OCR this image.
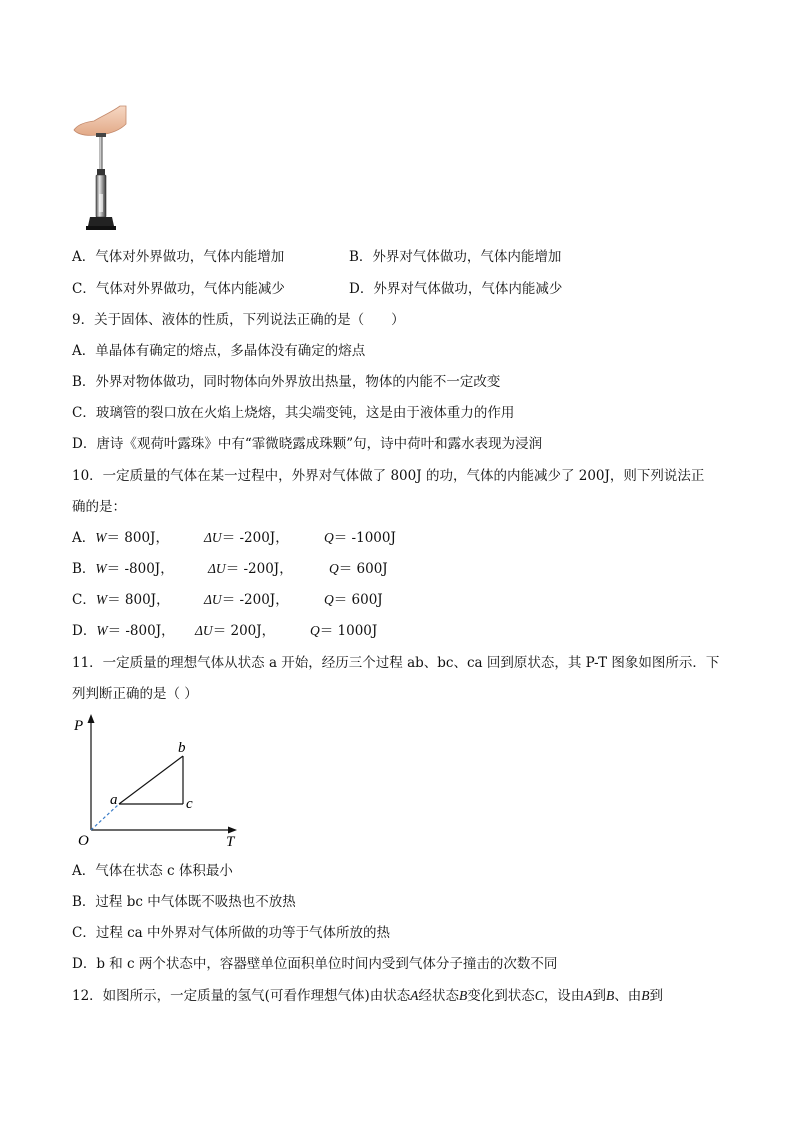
A．气体对外界做功，气体内能增加	B．外界对气体做功，气体内能增加
C．气体对外界做功，气体内能减少	D．外界对气体做功，气体内能减少
9．关于固体、液体的性质，下列说法正确的是（　　）
A．单晶体有确定的熔点，多晶体没有确定的熔点
B．外界对物体做功，同时物体向外界放出热量，物体的内能不一定改变
C．玻璃管的裂口放在火焰上烧熔，其尖端变钝，这是由于液体重力的作用
D．唐诗《观荷叶露珠》中有“霏微晓露成珠颗”句，诗中荷叶和露水表现为浸润
10．一定质量的气体在某一过程中，外界对气体做了 800J 的功，气体的内能减少了 200J，则下列说法正
确的是：
A．W＝ 800J，	ΔU＝ -200J，	Q＝ -1000J
B．W＝ -800J，	ΔU＝ -200J，	Q＝ 600J
C．W＝ 800J，	ΔU＝ -200J，	Q＝ 600J
D．W＝ -800J， ΔU＝ 200J，	Q＝ 1000J
11．一定质量的理想气体从状态 a 开始，经历三个过程 ab、bc、ca 回到原状态，其 P-T 图象如图所示．下
列判断正确的是（ ）
P
T
O
a
b
c
A．气体在状态 c 体积最小
B．过程 bc 中气体既不吸热也不放热
C．过程 ca 中外界对气体所做的功等于气体所放的热
D．b 和 c 两个状态中，容器壁单位面积单位时间内受到气体分子撞击的次数不同
12．如图所示，一定质量的氢气(可看作理想气体)由状态A经状态B变化到状态C，设由A到B、由B到
